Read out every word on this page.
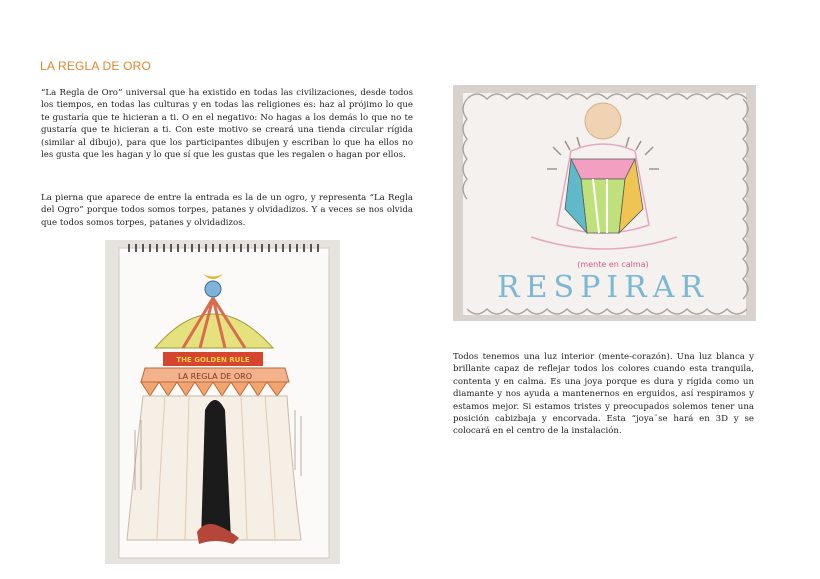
LA REGLA DE ORO

“La Regla de Oro” universal que ha existido en todas las civilizaciones, desde todos los tiempos, en todas las culturas y en todas las religiones es: haz al prójimo lo que te gustaría que te hicieran a ti. O en el negativo: No hagas a los demás lo que no te gustaría que te hicieran a ti. Con este motivo se creará una tienda circular rígida (similar al dibujo), para que los participantes dibujen y escriban lo que ha ellos no les gusta que les hagan y lo que sí que les gustas que les regalen o hagan por ellos.

La pierna que aparece de entre la entrada es la de un ogro, y representa “La Regla del Ogro” porque todos somos torpes, patanes y olvidadizos. Y a veces se nos olvida que todos somos torpes, patanes y olvidadizos.

THE GOLDEN RULE
LA REGLA DE ORO
(mente en calma)
RESPIRAR

Todos tenemos una luz interior (mente-corazón). Una luz blanca y brillante capaz de reflejar todos los colores cuando esta tranquila, contenta y en calma. Es una joya porque es dura y rígida como un diamante y nos ayuda a mantenernos en erguidos, así respiramos y estamos mejor. Si estamos tristes y preocupados solemos tener una posición cabizbaja y encorvada. Esta “joya¨se hará en 3D y se colocará en el centro de la instalación.
